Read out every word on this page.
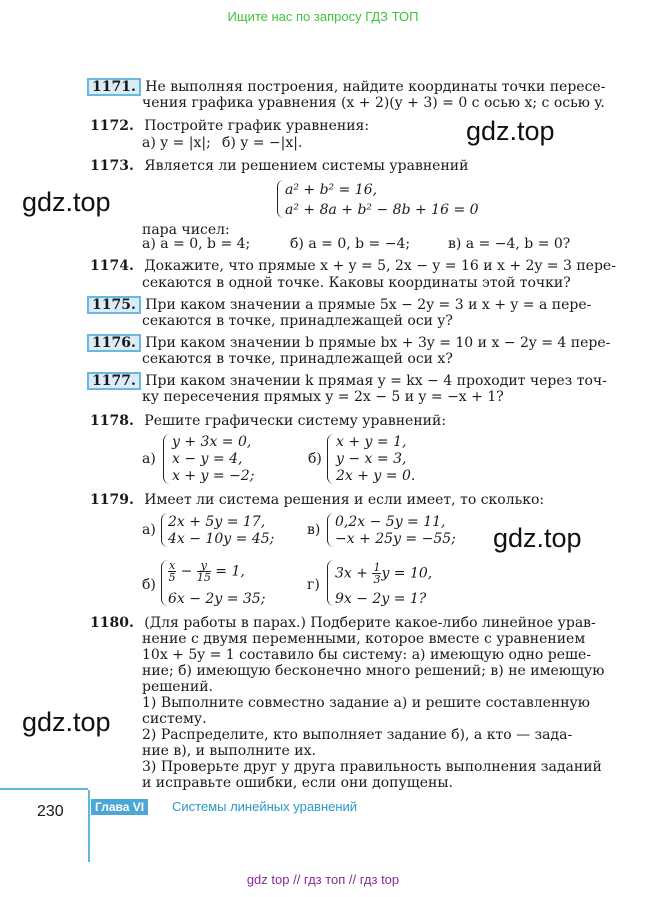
Ищите нас по запросу ГДЗ ТОП
gdz.top
gdz.top
gdz.top
gdz.top
1171. Не выполняя построения, найдите координаты точки пересе-
чения графика уравнения (x + 2)(y + 3) = 0 с осью x; с осью y.
1172. Постройте график уравнения:
а) y = |x|; б) y = −|x|.
1173. Является ли решением системы уравнений
a² + b² = 16,
a² + 8a + b² − 8b + 16 = 0
пара чисел:
а) a = 0, b = 4;	б) a = 0, b = −4;	в) a = −4, b = 0?
1174. Докажите, что прямые x + y = 5, 2x − y = 16 и x + 2y = 3 пере-
секаются в одной точке. Каковы координаты этой точки?
1175. При каком значении a прямые 5x − 2y = 3 и x + y = a пере-
секаются в точке, принадлежащей оси y?
1176. При каком значении b прямые bx + 3y = 10 и x − 2y = 4 пере-
секаются в точке, принадлежащей оси x?
1177. При каком значении k прямая y = kx − 4 проходит через точ-
ку пересечения прямых y = 2x − 5 и y = −x + 1?
1178. Решите графически систему уравнений:
а)
y + 3x = 0,
x − y = 4,
x + y = −2;
б)
x + y = 1,
y − x = 3,
2x + y = 0.
1179. Имеет ли система решения и если имеет, то сколько:
а) 2x + 5y = 17,
4x − 10y = 45;
в) 0,2x − 5y = 11,
−x + 25y = −55;
б)
$\frac{x}{5} - \frac{y}{15} = 1$,
6x − 2y = 35;
г)
$3x + \frac{1}{3}$ y = 10,
9x − 2y = 1?
1180. (Для работы в парах.) Подберите какое-либо линейное урав-
нение с двумя переменными, которое вместе с уравнением
10x + 5y = 1 составило бы систему: а) имеющую одно реше-
ние; б) имеющую бесконечно много решений; в) не имеющую
решений.
1) Выполните совместно задание а) и решите составленную
систему.
2) Распределите, кто выполняет задание б), а кто — зада-
ние в), и выполните их.
3) Проверьте друг у друга правильность выполнения заданий
и исправьте ошибки, если они допущены.
230	Глава VI	Системы линейных уравнений
gdz top // гдз топ // гдз top
